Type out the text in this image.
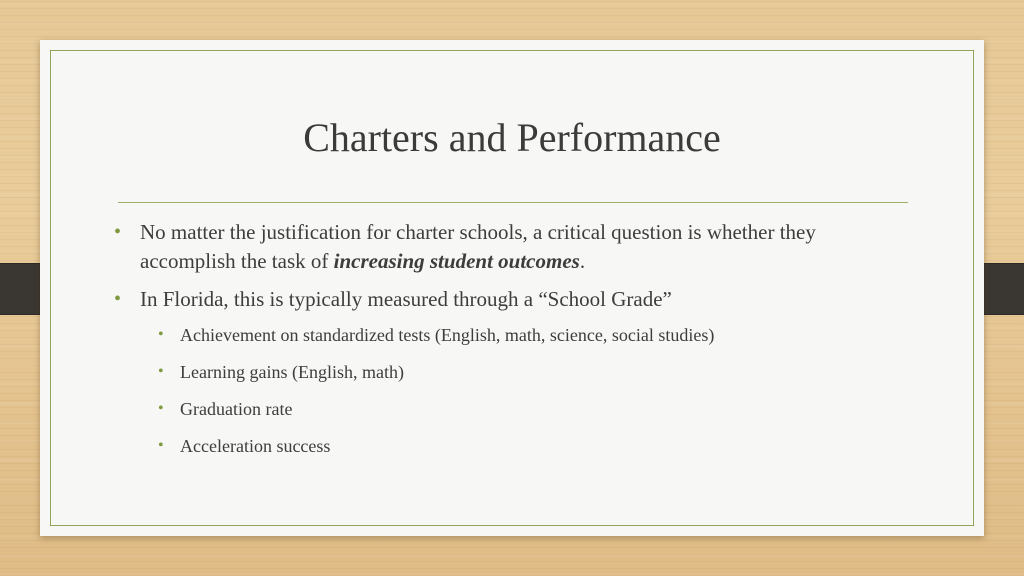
Charters and Performance
• No matter the justification for charter schools, a critical question is whether they accomplish the task of increasing student outcomes.
• In Florida, this is typically measured through a “School Grade”
• Achievement on standardized tests (English, math, science, social studies)
• Learning gains (English, math)
• Graduation rate
• Acceleration success
